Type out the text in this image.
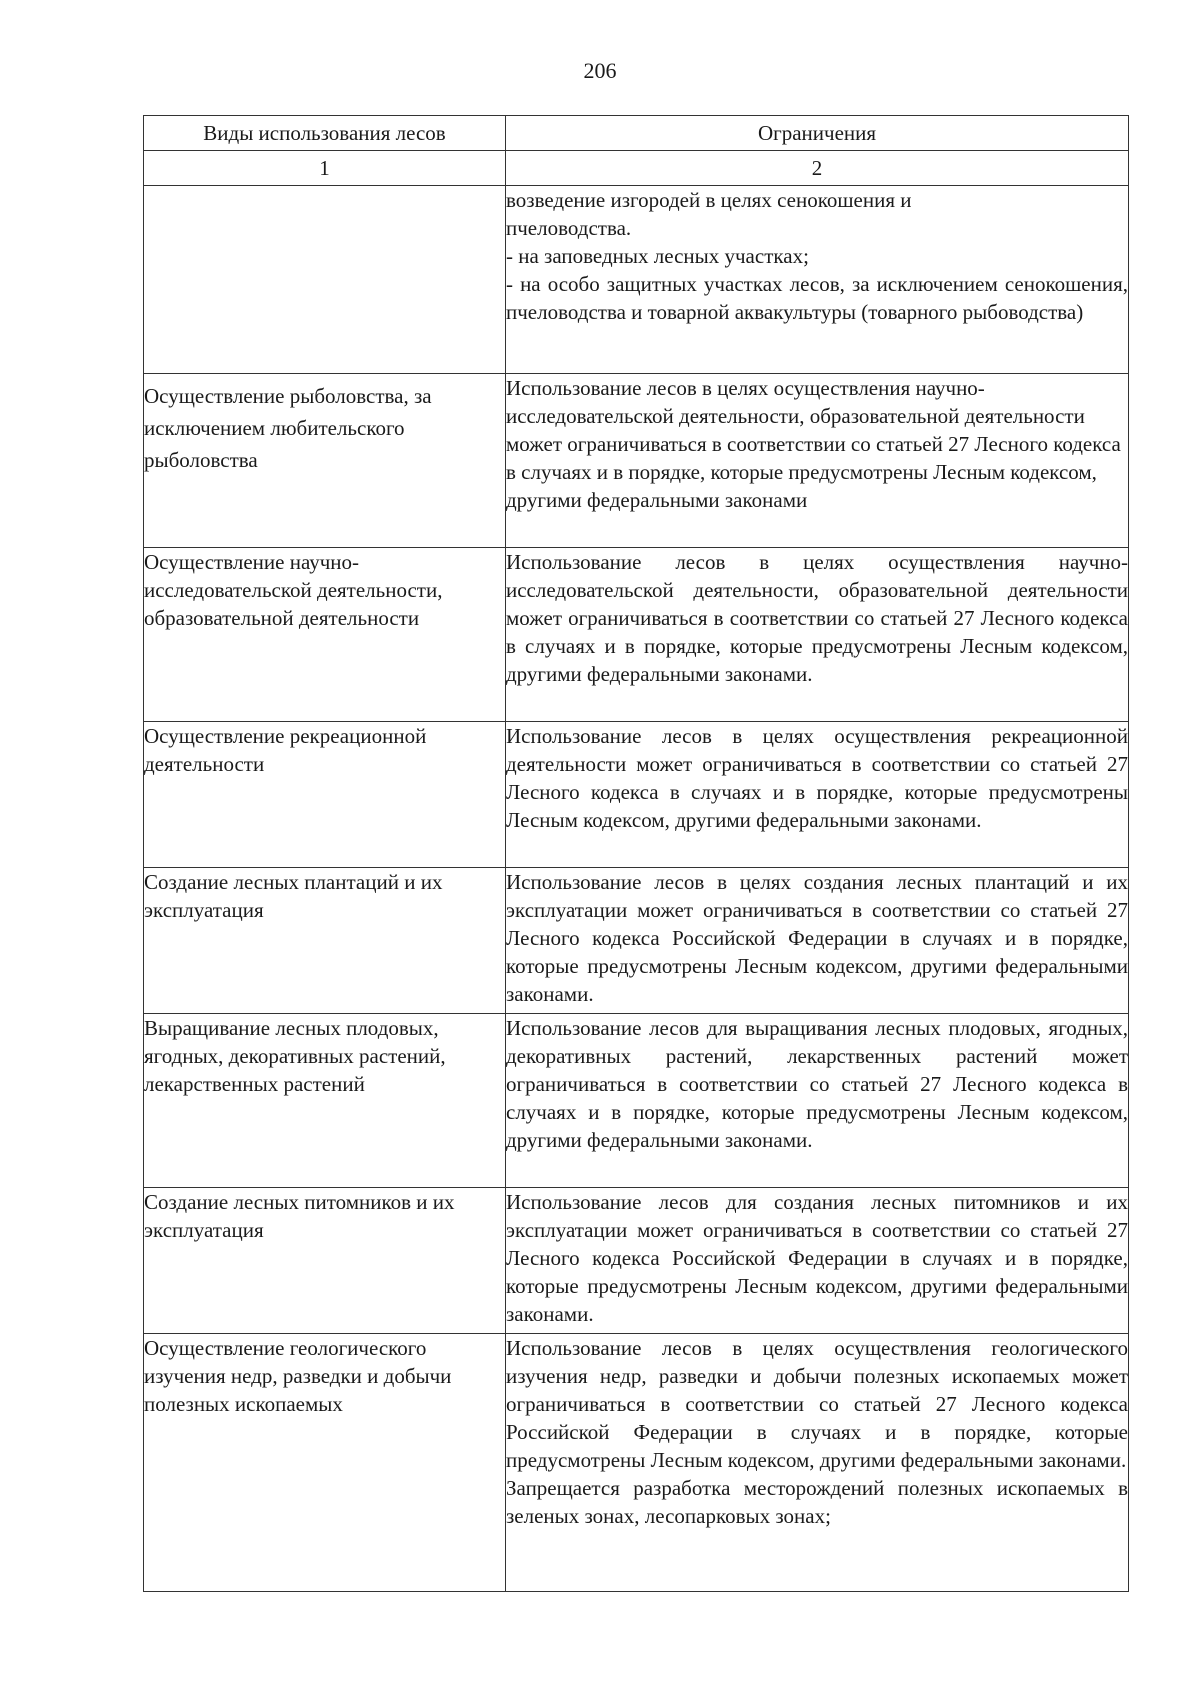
206
Виды использования лесов	Ограничения
1	2

	возведение изгородей в целях сенокошения и пчеловодства.
- на заповедных лесных участках;
- на особо защитных участках лесов, за исключением сенокошения, пчеловодства и товарной аквакультуры (товарного рыбоводства)

Осуществление рыболовства, за исключением любительского рыболовства	Использование лесов в целях осуществления научно-исследовательской деятельности, образовательной деятельности может ограничиваться в соответствии со статьей 27 Лесного кодекса в случаях и в порядке, которые предусмотрены Лесным кодексом, другими федеральными законами
Осуществление научно-исследовательской деятельности, образовательной деятельности	Использование лесов в целях осуществления научно-исследовательской деятельности, образовательной деятельности может ограничиваться в соответствии со статьей 27 Лесного кодекса в случаях и в порядке, которые предусмотрены Лесным кодексом, другими федеральными законами.
Осуществление рекреационной деятельности	Использование лесов в целях осуществления рекреационной деятельности может ограничиваться в соответствии со статьей 27 Лесного кодекса в случаях и в порядке, которые предусмотрены Лесным кодексом, другими федеральными законами.
Создание лесных плантаций и их эксплуатация	Использование лесов в целях создания лесных плантаций и их эксплуатации может ограничиваться в соответствии со статьей 27 Лесного кодекса Российской Федерации в случаях и в порядке, которые предусмотрены Лесным кодексом, другими федеральными законами.
Выращивание лесных плодовых, ягодных, декоративных растений, лекарственных растений	Использование лесов для выращивания лесных плодовых, ягодных, декоративных растений, лекарственных растений может ограничиваться в соответствии со статьей 27 Лесного кодекса в случаях и в порядке, которые предусмотрены Лесным кодексом, другими федеральными законами.
Создание лесных питомников и их эксплуатация	Использование лесов для создания лесных питомников и их эксплуатации может ограничиваться в соответствии со статьей 27 Лесного кодекса Российской Федерации в случаях и в порядке, которые предусмотрены Лесным кодексом, другими федеральными законами.
Осуществление геологического изучения недр, разведки и добычи полезных ископаемых	Использование лесов в целях осуществления геологического изучения недр, разведки и добычи полезных ископаемых может ограничиваться в соответствии со статьей 27 Лесного кодекса Российской Федерации в случаях и в порядке, которые предусмотрены Лесным кодексом, другими федеральными законами.
Запрещается разработка месторождений полезных ископаемых в зеленых зонах, лесопарковых зонах;
